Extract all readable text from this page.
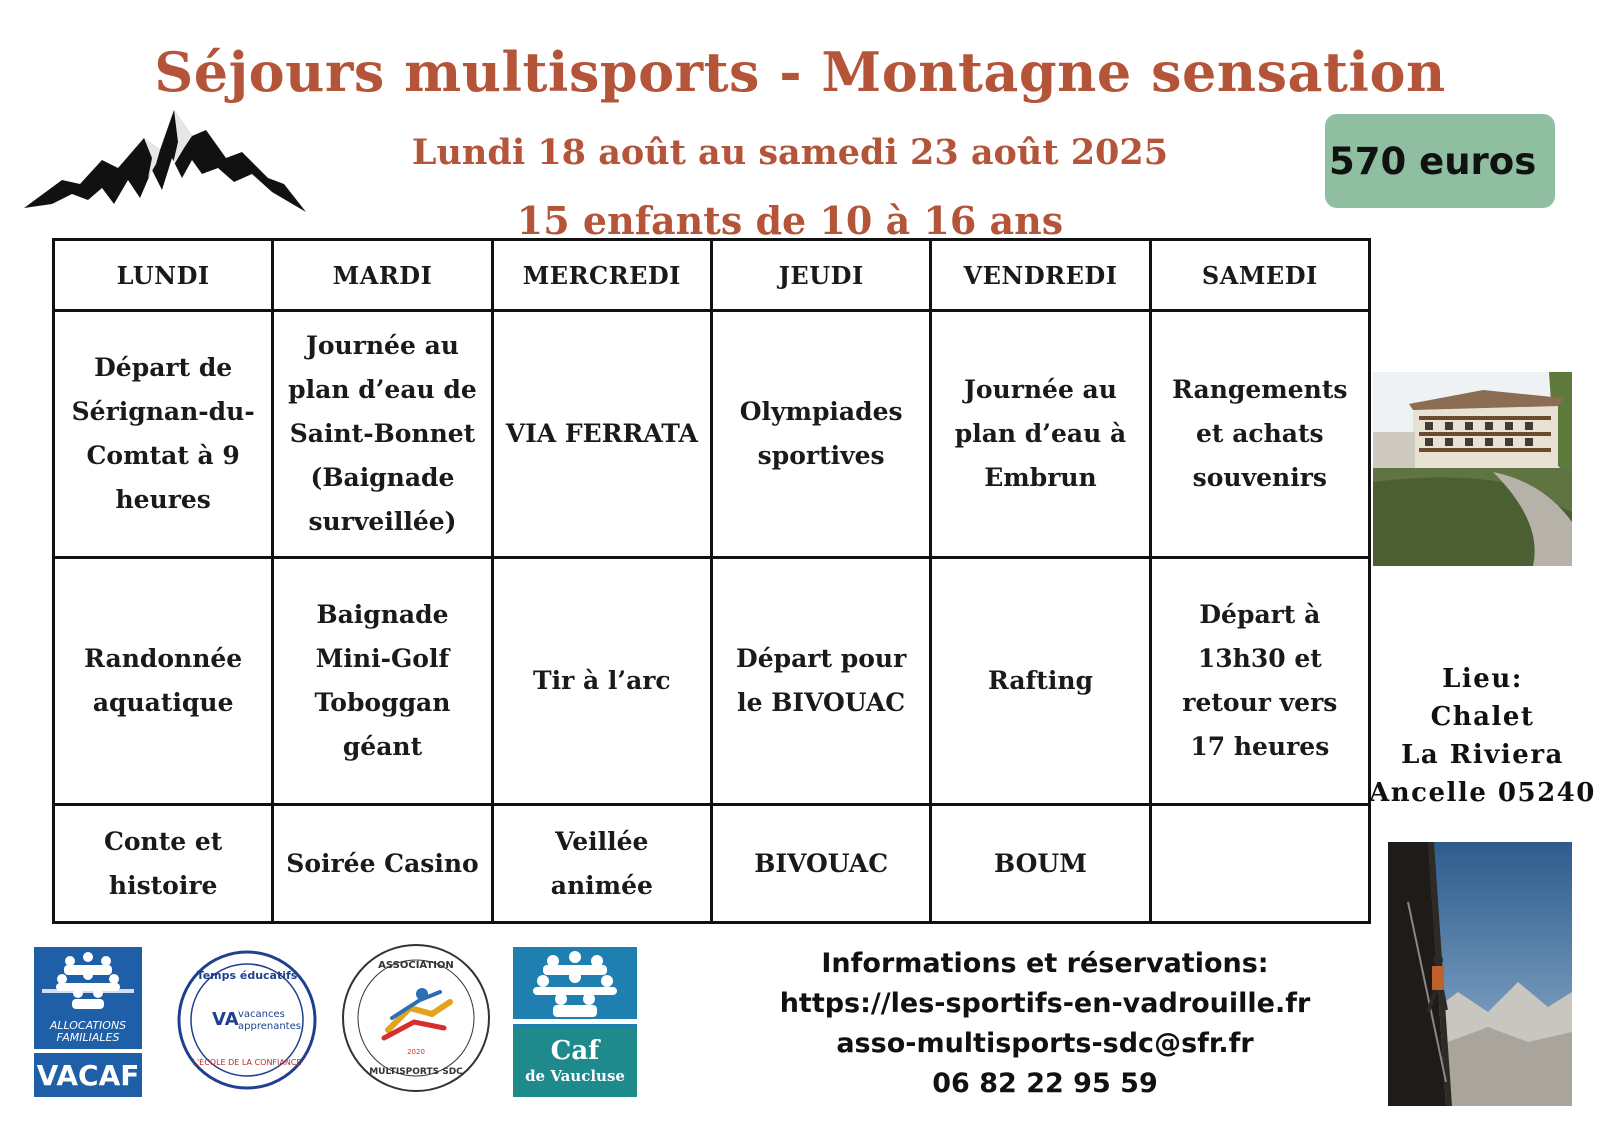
Séjours multisports - Montagne sensation
Lundi 18 août au samedi 23 août 2025
15 enfants de 10 à 16 ans
570 euros
LUNDI	MARDI	MERCREDI	JEUDI	VENDREDI	SAMEDI
Départ de Sérignan-du-Comtat à 9 heures	Journée au plan d’eau de Saint-Bonnet (Baignade surveillée)	VIA FERRATA	Olympiades sportives	Journée au plan d’eau à Embrun	Rangements et achats souvenirs
Randonnée aquatique	Baignade Mini-Golf Toboggan géant	Tir à l’arc	Départ pour le BIVOUAC	Rafting	Départ à 13h30 et retour vers 17 heures
Conte et histoire	Soirée Casino	Veillée animée	BIVOUAC	BOUM	
Lieu:
Chalet
La Riviera
Ancelle 05240
Informations et réservations:
https://les-sportifs-en-vadrouille.fr
asso-multisports-sdc@sfr.fr
06 82 22 95 59
ALLOCATIONS
FAMILIALES
VACAF
Temps éducatifs
VA vacances
apprenantes
L'ÉCOLE DE LA CONFIANCE
ASSOCIATION
2020
MULTISPORTS SDC
Caf
de Vaucluse
